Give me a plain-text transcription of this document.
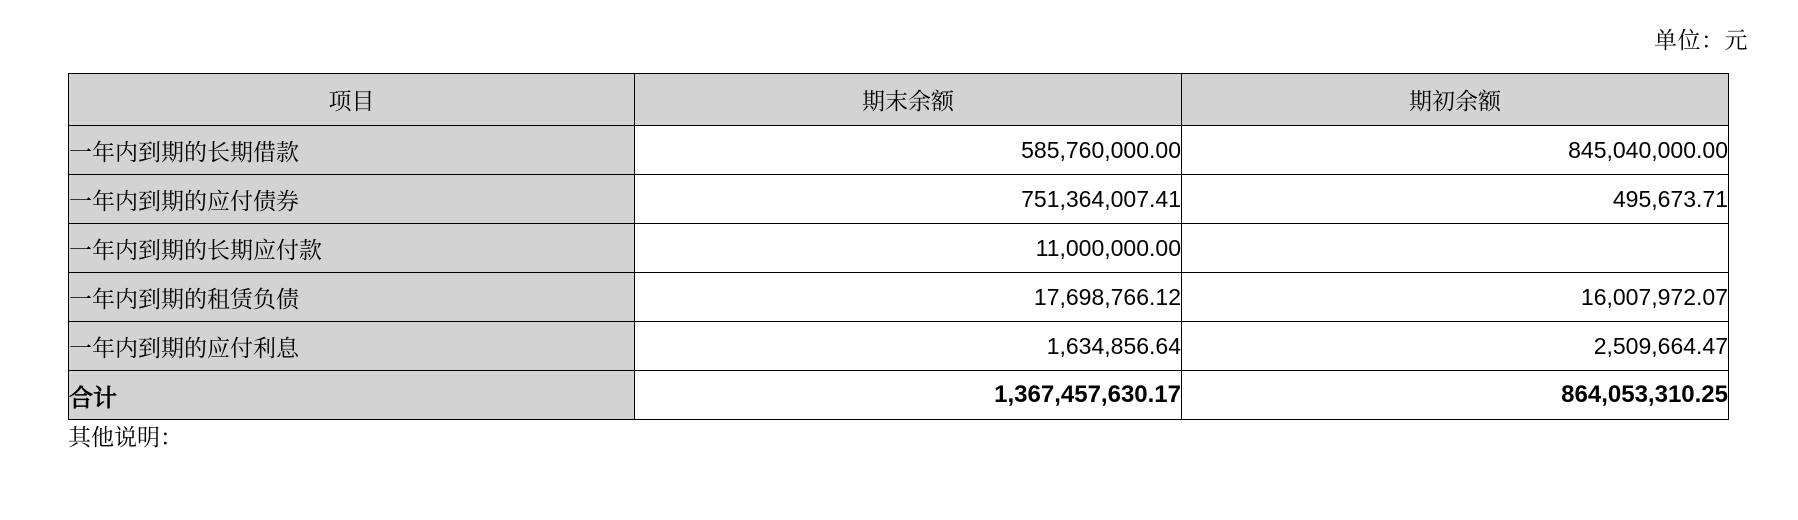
单位：元
项目	期末余额	期初余额
一年内到期的长期借款	585,760,000.00	845,040,000.00
一年内到期的应付债券	751,364,007.41	495,673.71
一年内到期的长期应付款	11,000,000.00	
一年内到期的租赁负债	17,698,766.12	16,007,972.07
一年内到期的应付利息	1,634,856.64	2,509,664.47
合计	1,367,457,630.17	864,053,310.25
其他说明：
